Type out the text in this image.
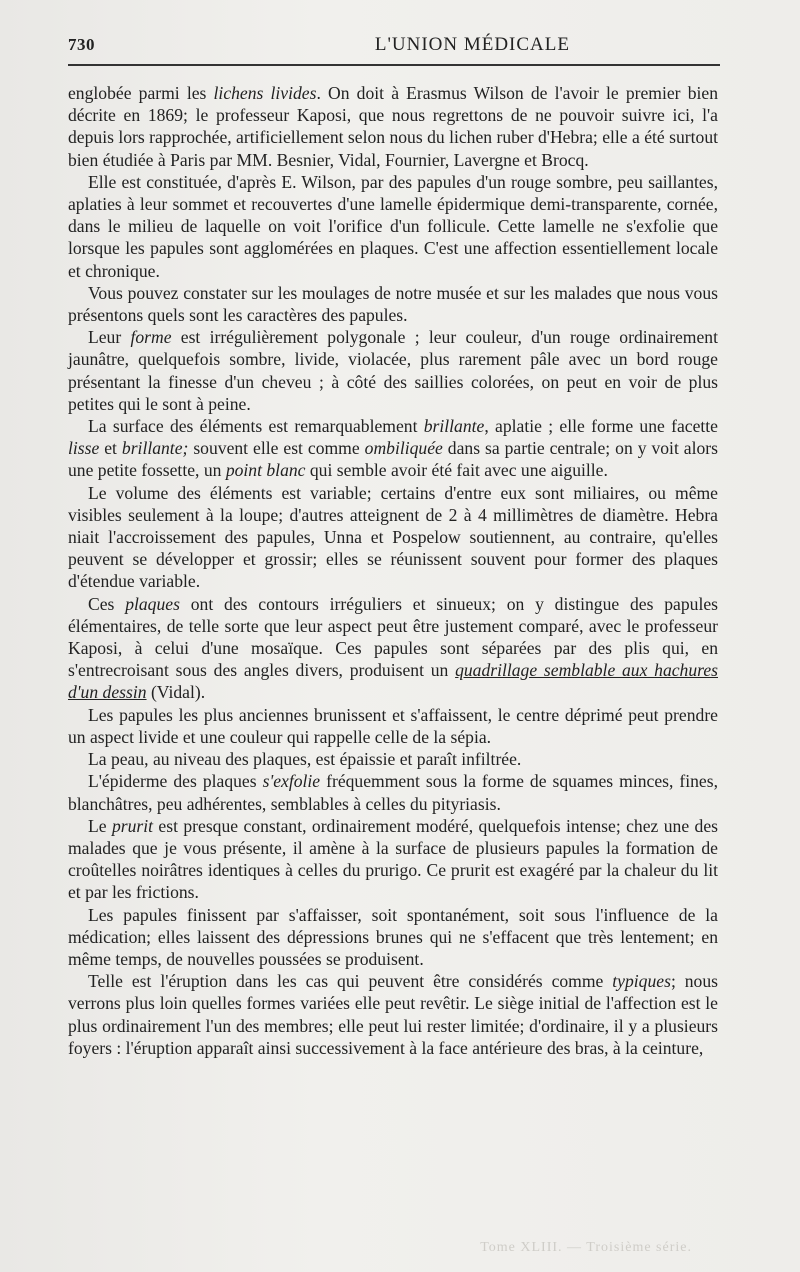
730	L'UNION MÉDICALE

englobée parmi les lichens livides. On doit à Erasmus Wilson de l'avoir le premier bien décrite en 1869; le professeur Kaposi, que nous regrettons de ne pouvoir suivre ici, l'a depuis lors rapprochée, artificiellement selon nous du lichen ruber d'Hebra; elle a été surtout bien étudiée à Paris par MM. Besnier, Vidal, Fournier, Lavergne et Brocq.

Elle est constituée, d'après E. Wilson, par des papules d'un rouge sombre, peu saillantes, aplaties à leur sommet et recouvertes d'une lamelle épidermique demi-transparente, cornée, dans le milieu de laquelle on voit l'orifice d'un follicule. Cette lamelle ne s'exfolie que lorsque les papules sont agglomérées en plaques. C'est une affection essentiellement locale et chronique.

Vous pouvez constater sur les moulages de notre musée et sur les malades que nous vous présentons quels sont les caractères des papules.

Leur forme est irrégulièrement polygonale ; leur couleur, d'un rouge ordinairement jaunâtre, quelquefois sombre, livide, violacée, plus rarement pâle avec un bord rouge présentant la finesse d'un cheveu ; à côté des saillies colorées, on peut en voir de plus petites qui le sont à peine.

La surface des éléments est remarquablement brillante, aplatie ; elle forme une facette lisse et brillante; souvent elle est comme ombiliquée dans sa partie centrale; on y voit alors une petite fossette, un point blanc qui semble avoir été fait avec une aiguille.

Le volume des éléments est variable; certains d'entre eux sont miliaires, ou même visibles seulement à la loupe; d'autres atteignent de 2 à 4 millimètres de diamètre. Hebra niait l'accroissement des papules, Unna et Pospelow soutiennent, au contraire, qu'elles peuvent se développer et grossir; elles se réunissent souvent pour former des plaques d'étendue variable.

Ces plaques ont des contours irréguliers et sinueux; on y distingue des papules élémentaires, de telle sorte que leur aspect peut être justement comparé, avec le professeur Kaposi, à celui d'une mosaïque. Ces papules sont séparées par des plis qui, en s'entrecroisant sous des angles divers, produisent un quadrillage semblable aux hachures d'un dessin (Vidal).

Les papules les plus anciennes brunissent et s'affaissent, le centre déprimé peut prendre un aspect livide et une couleur qui rappelle celle de la sépia.

La peau, au niveau des plaques, est épaissie et paraît infiltrée.

L'épiderme des plaques s'exfolie fréquemment sous la forme de squames minces, fines, blanchâtres, peu adhérentes, semblables à celles du pityriasis.

Le prurit est presque constant, ordinairement modéré, quelquefois intense; chez une des malades que je vous présente, il amène à la surface de plusieurs papules la formation de croûtelles noirâtres identiques à celles du prurigo. Ce prurit est exagéré par la chaleur du lit et par les frictions.

Les papules finissent par s'affaisser, soit spontanément, soit sous l'influence de la médication; elles laissent des dépressions brunes qui ne s'effacent que très lentement; en même temps, de nouvelles poussées se produisent.

Telle est l'éruption dans les cas qui peuvent être considérés comme typiques; nous verrons plus loin quelles formes variées elle peut revêtir. Le siège initial de l'affection est le plus ordinairement l'un des membres; elle peut lui rester limitée; d'ordinaire, il y a plusieurs foyers : l'éruption apparaît ainsi successivement à la face antérieure des bras, à la ceinture,

Tome XLIII. — Troisième série.
